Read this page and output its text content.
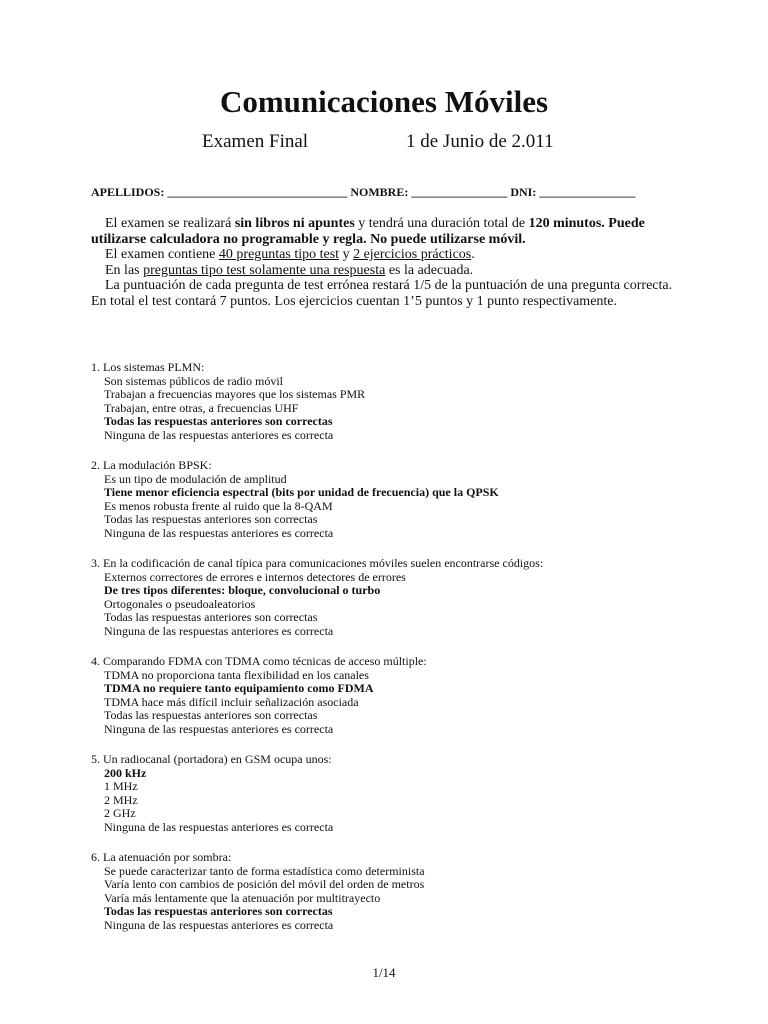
Comunicaciones Móviles
Examen Final	1 de Junio de 2.011
APELLIDOS: ______________________________ NOMBRE: ________________ DNI: ________________

El examen se realizará sin libros ni apuntes y tendrá una duración total de 120 minutos. Puede utilizarse calculadora no programable y regla. No puede utilizarse móvil.

El examen contiene 40 preguntas tipo test y 2 ejercicios prácticos.

En las preguntas tipo test solamente una respuesta es la adecuada.

La puntuación de cada pregunta de test errónea restará 1/5 de la puntuación de una pregunta correcta. En total el test contará 7 puntos. Los ejercicios cuentan 1’5 puntos y 1 punto respectivamente.

1. Los sistemas PLMN:

Son sistemas públicos de radio móvil

Trabajan a frecuencias mayores que los sistemas PMR

Trabajan, entre otras, a frecuencias UHF

Todas las respuestas anteriores son correctas

Ninguna de las respuestas anteriores es correcta

2. La modulación BPSK:

Es un tipo de modulación de amplitud

Tiene menor eficiencia espectral (bits por unidad de frecuencia) que la QPSK

Es menos robusta frente al ruido que la 8-QAM

Todas las respuestas anteriores son correctas

Ninguna de las respuestas anteriores es correcta

3. En la codificación de canal típica para comunicaciones móviles suelen encontrarse códigos:

Externos correctores de errores e internos detectores de errores

De tres tipos diferentes: bloque, convolucional o turbo

Ortogonales o pseudoaleatorios

Todas las respuestas anteriores son correctas

Ninguna de las respuestas anteriores es correcta

4. Comparando FDMA con TDMA como técnicas de acceso múltiple:

TDMA no proporciona tanta flexibilidad en los canales

TDMA no requiere tanto equipamiento como FDMA

TDMA hace más difícil incluir señalización asociada

Todas las respuestas anteriores son correctas

Ninguna de las respuestas anteriores es correcta

5. Un radiocanal (portadora) en GSM ocupa unos:

200 kHz

1 MHz

2 MHz

2 GHz

Ninguna de las respuestas anteriores es correcta

6. La atenuación por sombra:

Se puede caracterizar tanto de forma estadística como determinista

Varía lento con cambios de posición del móvil del orden de metros

Varía más lentamente que la atenuación por multitrayecto

Todas las respuestas anteriores son correctas

Ninguna de las respuestas anteriores es correcta

1/14
